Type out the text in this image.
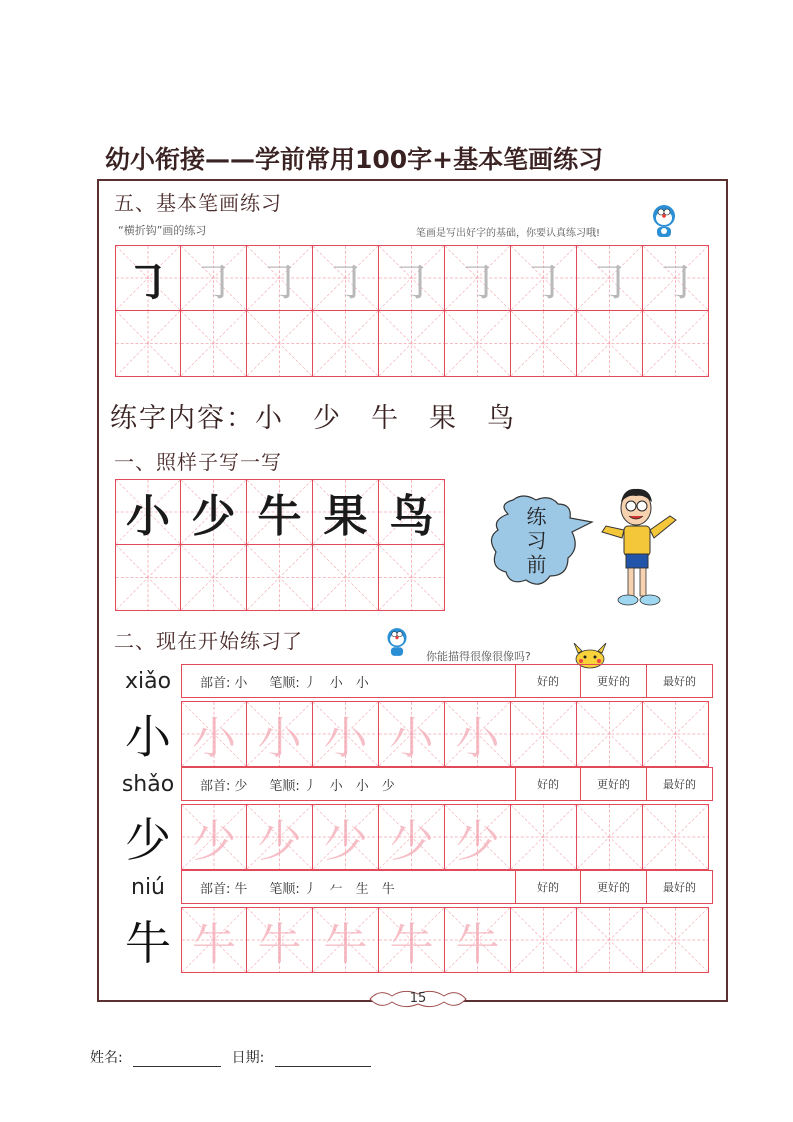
幼小衔接——学前常用100字+基本笔画练习
五、基本笔画练习
“横折钩”画的练习	笔画是写出好字的基础，你要认真练习哦!
㇆ ㇆ ㇆ ㇆ ㇆ ㇆ ㇆ ㇆ ㇆
练字内容：小　少　牛　果　鸟
一、照样子写一写
小 少 牛 果 鸟	练习前
二、现在开始练习了
你能描得很像很像吗?
xiǎo	部首: 小 笔顺: 丿　小　小	好的	更好的	最好的
小 小 小 小 小 小
shǎo	部首: 少 笔顺: 丿　小　小　少	好的	更好的	最好的
少 少 少 少 少 少
niú	部首: 牛 笔顺: 丿　𠂉　生　牛	好的	更好的	最好的
牛 牛 牛 牛 牛 牛
15
姓名:	日期:
